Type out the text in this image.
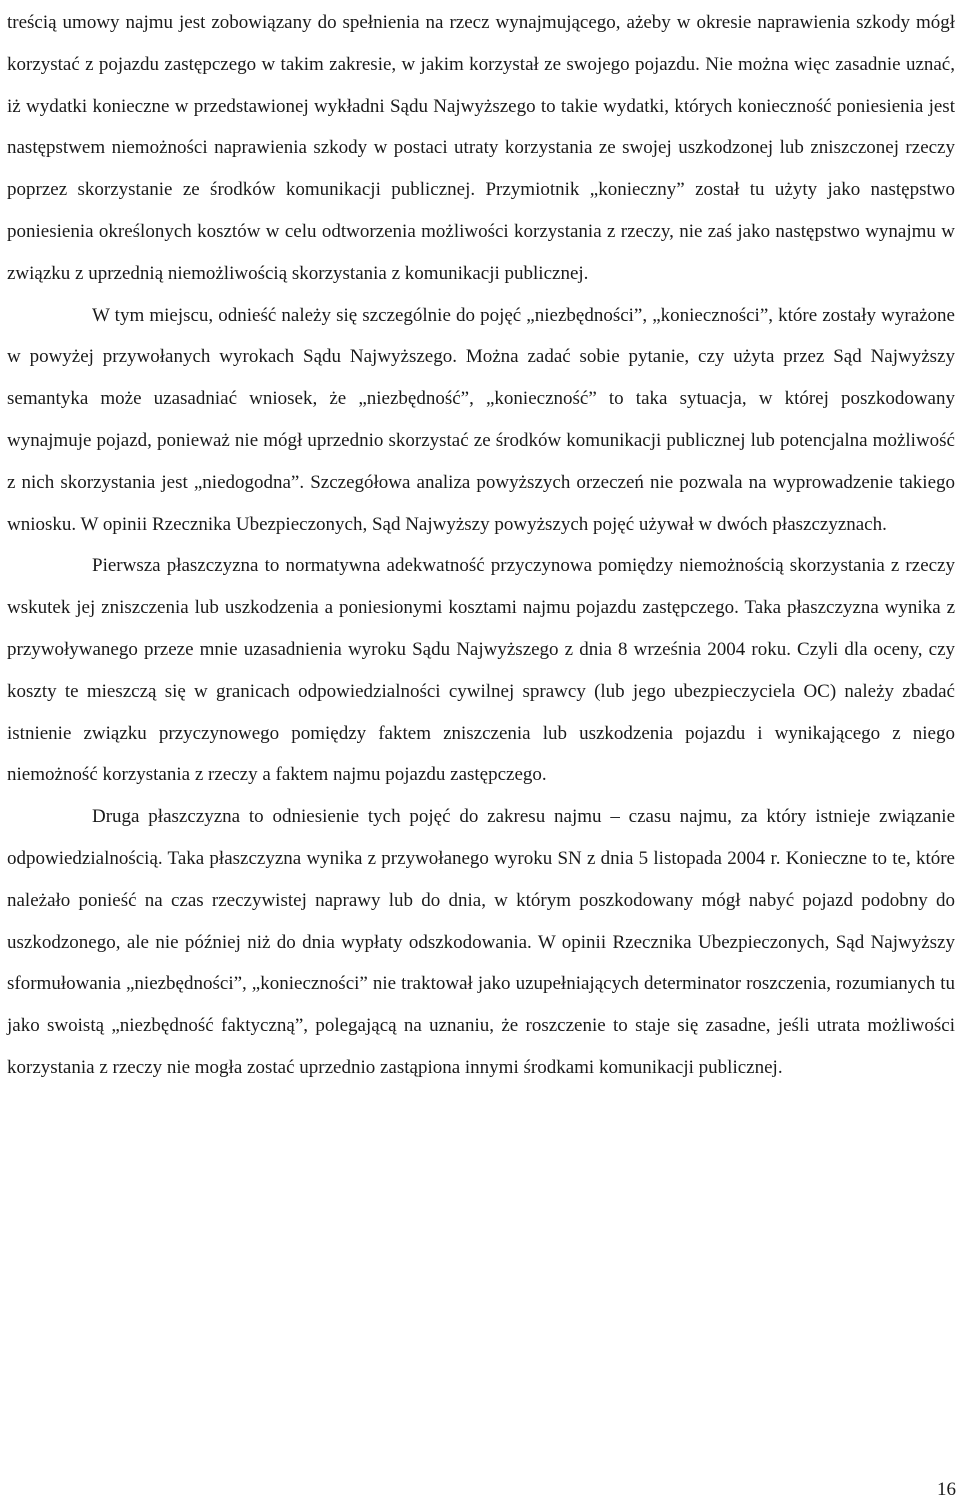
treścią umowy najmu jest zobowiązany do spełnienia na rzecz wynajmującego, ażeby w okresie naprawienia szkody mógł korzystać z pojazdu zastępczego w takim zakresie, w jakim korzystał ze swojego pojazdu. Nie można więc zasadnie uznać, iż wydatki konieczne w przedstawionej wykładni Sądu Najwyższego to takie wydatki, których konieczność poniesienia jest następstwem niemożności naprawienia szkody w postaci utraty korzystania ze swojej uszkodzonej lub zniszczonej rzeczy poprzez skorzystanie ze środków komunikacji publicznej. Przymiotnik „konieczny” został tu użyty jako następstwo poniesienia określonych kosztów w celu odtworzenia możliwości korzystania z rzeczy, nie zaś jako następstwo wynajmu w związku z uprzednią niemożliwością skorzystania z komunikacji publicznej.

W tym miejscu, odnieść należy się szczególnie do pojęć „niezbędności”, „konieczności”, które zostały wyrażone w powyżej przywołanych wyrokach Sądu Najwyższego. Można zadać sobie pytanie, czy użyta przez Sąd Najwyższy semantyka może uzasadniać wniosek, że „niezbędność”, „konieczność” to taka sytuacja, w której poszkodowany wynajmuje pojazd, ponieważ nie mógł uprzednio skorzystać ze środków komunikacji publicznej lub potencjalna możliwość z nich skorzystania jest „niedogodna”. Szczegółowa analiza powyższych orzeczeń nie pozwala na wyprowadzenie takiego wniosku. W opinii Rzecznika Ubezpieczonych, Sąd Najwyższy powyższych pojęć używał w dwóch płaszczyznach.

Pierwsza płaszczyzna to normatywna adekwatność przyczynowa pomiędzy niemożnością skorzystania z rzeczy wskutek jej zniszczenia lub uszkodzenia a poniesionymi kosztami najmu pojazdu zastępczego. Taka płaszczyzna wynika z przywoływanego przeze mnie uzasadnienia wyroku Sądu Najwyższego z dnia 8 września 2004 roku. Czyli dla oceny, czy koszty te mieszczą się w granicach odpowiedzialności cywilnej sprawcy (lub jego ubezpieczyciela OC) należy zbadać istnienie związku przyczynowego pomiędzy faktem zniszczenia lub uszkodzenia pojazdu i wynikającego z niego niemożność korzystania z rzeczy a faktem najmu pojazdu zastępczego.

Druga płaszczyzna to odniesienie tych pojęć do zakresu najmu – czasu najmu, za który istnieje związanie odpowiedzialnością. Taka płaszczyzna wynika z przywołanego wyroku SN z dnia 5 listopada 2004 r. Konieczne to te, które należało ponieść na czas rzeczywistej naprawy lub do dnia, w którym poszkodowany mógł nabyć pojazd podobny do uszkodzonego, ale nie później niż do dnia wypłaty odszkodowania. W opinii Rzecznika Ubezpieczonych, Sąd Najwyższy sformułowania „niezbędności”, „konieczności” nie traktował jako uzupełniających determinator roszczenia, rozumianych tu jako swoistą „niezbędność faktyczną”, polegającą na uznaniu, że roszczenie to staje się zasadne, jeśli utrata możliwości korzystania z rzeczy nie mogła zostać uprzednio zastąpiona innymi środkami komunikacji publicznej.

16
